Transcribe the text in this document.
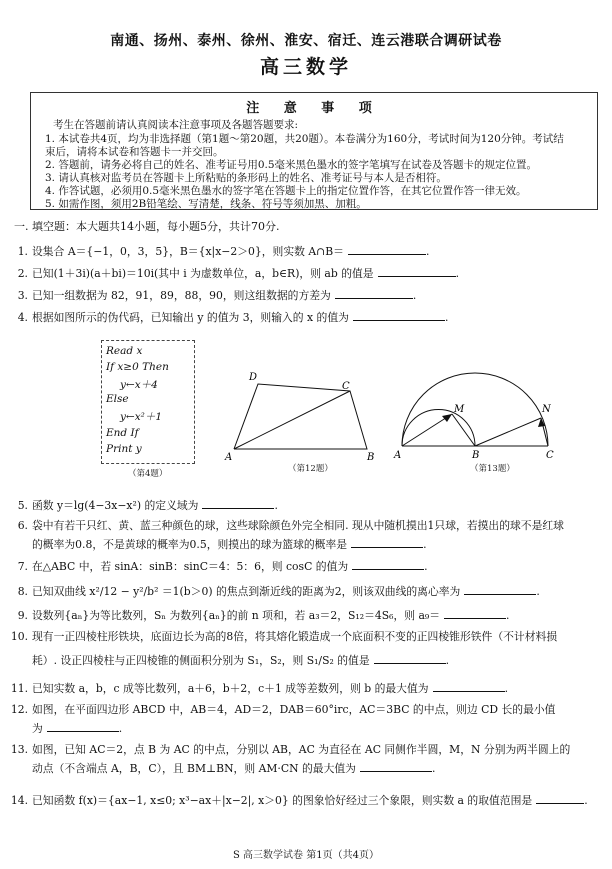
南通、扬州、泰州、徐州、淮安、宿迁、连云港联合调研试卷
高三数学
注 意 事 项
考生在答题前请认真阅读本注意事项及各题答题要求:
1. 本试卷共4页，均为非选择题（第1题～第20题，共20题）。本卷满分为160分，考试时间为120分钟。考试结
束后，请将本试卷和答题卡一并交回。
2. 答题前，请务必将自己的姓名、准考证号用0.5毫米黑色墨水的签字笔填写在试卷及答题卡的规定位置。
3. 请认真核对监考员在答题卡上所粘贴的条形码上的姓名、准考证号与本人是否相符。
4. 作答试题，必须用0.5毫米黑色墨水的签字笔在答题卡上的指定位置作答，在其它位置作答一律无效。
5. 如需作图，须用2B铅笔绘、写清楚，线条、符号等须加黑、加粗。
一. 填空题：本大题共14小题，每小题5分，共计70分.
1. 设集合 A＝{−1，0，3，5}，B＝{x|x−2＞0}，则实数 A∩B＝	.
2. 已知(1＋3i)(a＋bi)＝10i(其中 i 为虚数单位，a，b∈R)，则 ab 的值是	.
3. 已知一组数据为 82，91，89，88，90，则这组数据的方差为	.
4. 根据如图所示的伪代码，已知输出 y 的值为 3，则输入的 x 的值为	.
Read x
If x≥0 Then
y←x＋4
Else
y←x²＋1
End If
Print y
（第4题）
A	B
C
D
（第12题）
A	B	C
M	N
（第13题）
5. 函数 y＝lg(4−3x−x²) 的定义域为	.
6. 袋中有若干只红、黄、蓝三种颜色的球，这些球除颜色外完全相同. 现从中随机摸出1只球，若摸出的球不是红球
的概率为0.8，不是黄球的概率为0.5，则摸出的球为篮球的概率是	.
7. 在△ABC 中，若 sinA：sinB：sinC＝4：5：6，则 cosC 的值为	.
8. 已知双曲线 x²/12 − y²/b² ＝1(b＞0) 的焦点到渐近线的距离为2，则该双曲线的离心率为	.
9. 设数列{aₙ}为等比数列，Sₙ 为数列{aₙ}的前 n 项和，若 a₃＝2，S₁₂＝4S₆，则 a₉＝	.
10. 现有一正四棱柱形铁块，底面边长为高的8倍，将其熔化锻造成一个底面积不变的正四棱锥形铁件（不计材料损
耗）. 设正四棱柱与正四棱锥的侧面积分别为 S₁，S₂，则 S₁/S₂ 的值是	.
11. 已知实数 a，b，c 成等比数列，a＋6，b＋2，c＋1 成等差数列，则 b 的最大值为	.
12. 如图，在平面四边形 ABCD 中，AB＝4，AD＝2，DAB＝60°irc，AC＝3BC 的中点，则边 CD 长的最小值
为	.
13. 如图，已知 AC＝2，点 B 为 AC 的中点，分别以 AB，AC 为直径在 AC 同侧作半圆，M，N 分别为两半圆上的
动点（不含端点 A，B，C），且 BM⊥BN，则 AM·CN 的最大值为	.
14. 已知函数 f(x)＝{ax−1, x≤0; x³−ax＋|x−2|, x＞0} 的图象恰好经过三个象限，则实数 a 的取值范围是	.
S 高三数学试卷 第1页（共4页）
